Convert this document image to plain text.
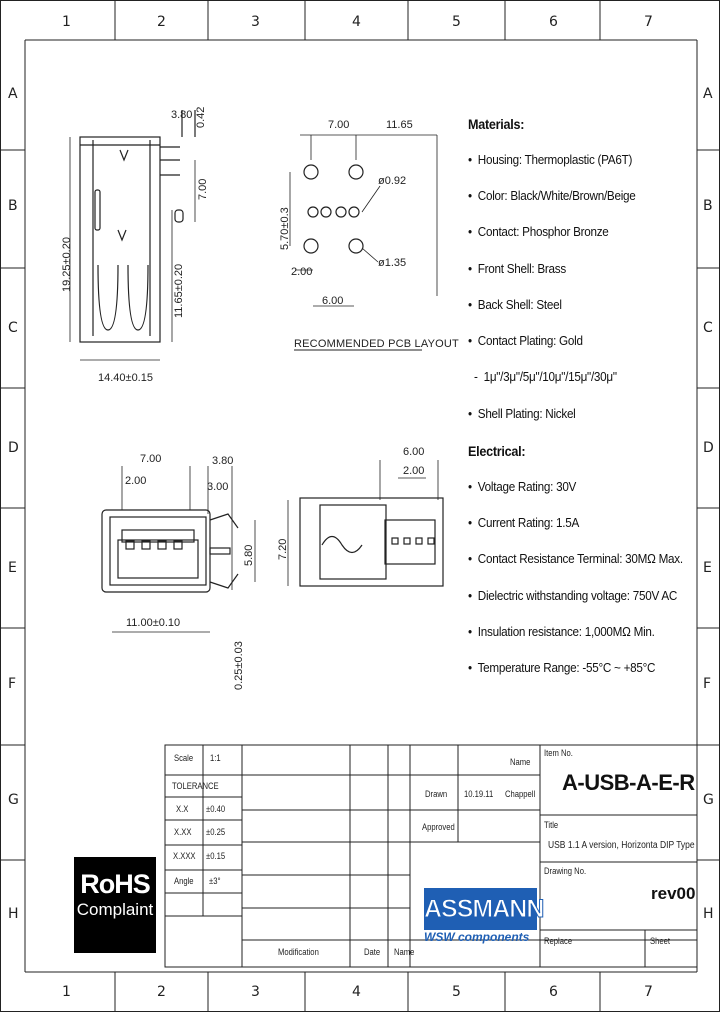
3.80 0.42
7.00
19.25±0.20	11.65±0.20
14.40±0.15
7.00	11.65
5.70±0.3
ø0.92
ø1.35
2.00
6.00
RECOMMENDED PCB LAYOUT
7.00	3.80
2.00	3.00
5.80
11.00±0.10
0.25±0.03
6.00
2.00
7.20
1	2	3	4	5	6	7
1	2	3	4	5	6	7
A
B
C
D
E
F
G
H
A
B
C
D
E
F
G
H
Materials:
•  Housing: Thermoplastic (PA6T)
•  Color: Black/White/Brown/Beige
•  Contact: Phosphor Bronze
•  Front Shell: Brass
•  Back Shell: Steel
•  Contact Plating: Gold
-  1μ"/3μ"/5μ"/10μ"/15μ"/30μ"
•  Shell Plating: Nickel
Electrical:
•  Voltage Rating: 30V
•  Current Rating: 1.5A
•  Contact Resistance Terminal: 30MΩ Max.
•  Dielectric withstanding voltage: 750V AC
•  Insulation resistance: 1,000MΩ Min.
•  Temperature Range: -55°C ~ +85°C
Scale 1:1
TOLERANCE
X.X ±0.40
X.XX ±0.25
X.XXX ±0.15
Angle ±3°
Name
Drawn 10.19.11 Chappell
Approved
Item No.
A-USB-A-E-R
Title
USB 1.1 A version, Horizonta DIP Type
Drawing No.
rev00
Replace	Sheet
Modification	Date Name
RoHS
Complaint	ASSMANN
WSW components
